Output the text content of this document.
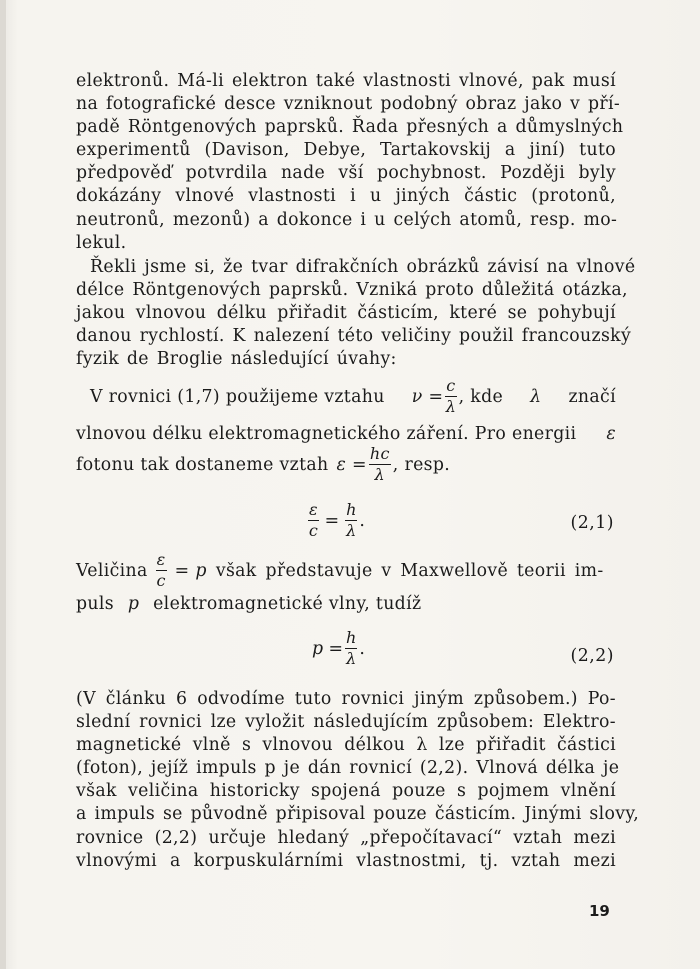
elektronů. Má-li elektron také vlastnosti vlnové, pak musí
na fotografické desce vzniknout podobný obraz jako v pří-
padě Röntgenových paprsků. Řada přesných a důmyslných
experimentů (Davison, Debye, Tartakovskij a jiní) tuto
předpověď potvrdila nade vší pochybnost. Později byly
dokázány vlnové vlastnosti i u jiných částic (protonů,
neutronů, mezonů) a dokonce i u celých atomů, resp. mo-
lekul.
Řekli jsme si, že tvar difrakčních obrázků závisí na vlnové
délce Röntgenových paprsků. Vzniká proto důležitá otázka,
jakou vlnovou délku přiřadit částicím, které se pohybují
danou rychlostí. K nalezení této veličiny použil francouzský
fyzik de Broglie následující úvahy:
V rovnici (1,7) použijeme vztahu $\nu = \frac{c}{\lambda}$ , kde λ značí
vlnovou délku elektromagnetického záření. Pro energii ε
fotonu tak dostaneme vztah $\varepsilon = \frac{hc}{\lambda}$ , resp.
$\frac{\varepsilon}{c} = \frac{h}{\lambda}$ .	(2,1)
Veličina $\frac{\varepsilon}{c} = p$ však představuje v Maxwellově teorii im-
puls p elektromagnetické vlny, tudíž
$p = \frac{h}{\lambda}$ .	(2,2)
(V článku 6 odvodíme tuto rovnici jiným způsobem.) Po-
slední rovnici lze vyložit následujícím způsobem: Elektro-
magnetické vlně s vlnovou délkou λ lze přiřadit částici
(foton), jejíž impuls p je dán rovnicí (2,2). Vlnová délka je
však veličina historicky spojená pouze s pojmem vlnění
a impuls se původně připisoval pouze částicím. Jinými slovy,
rovnice (2,2) určuje hledaný „přepočítavací“ vztah mezi
vlnovými a korpuskulárními vlastnostmi, tj. vztah mezi
19
